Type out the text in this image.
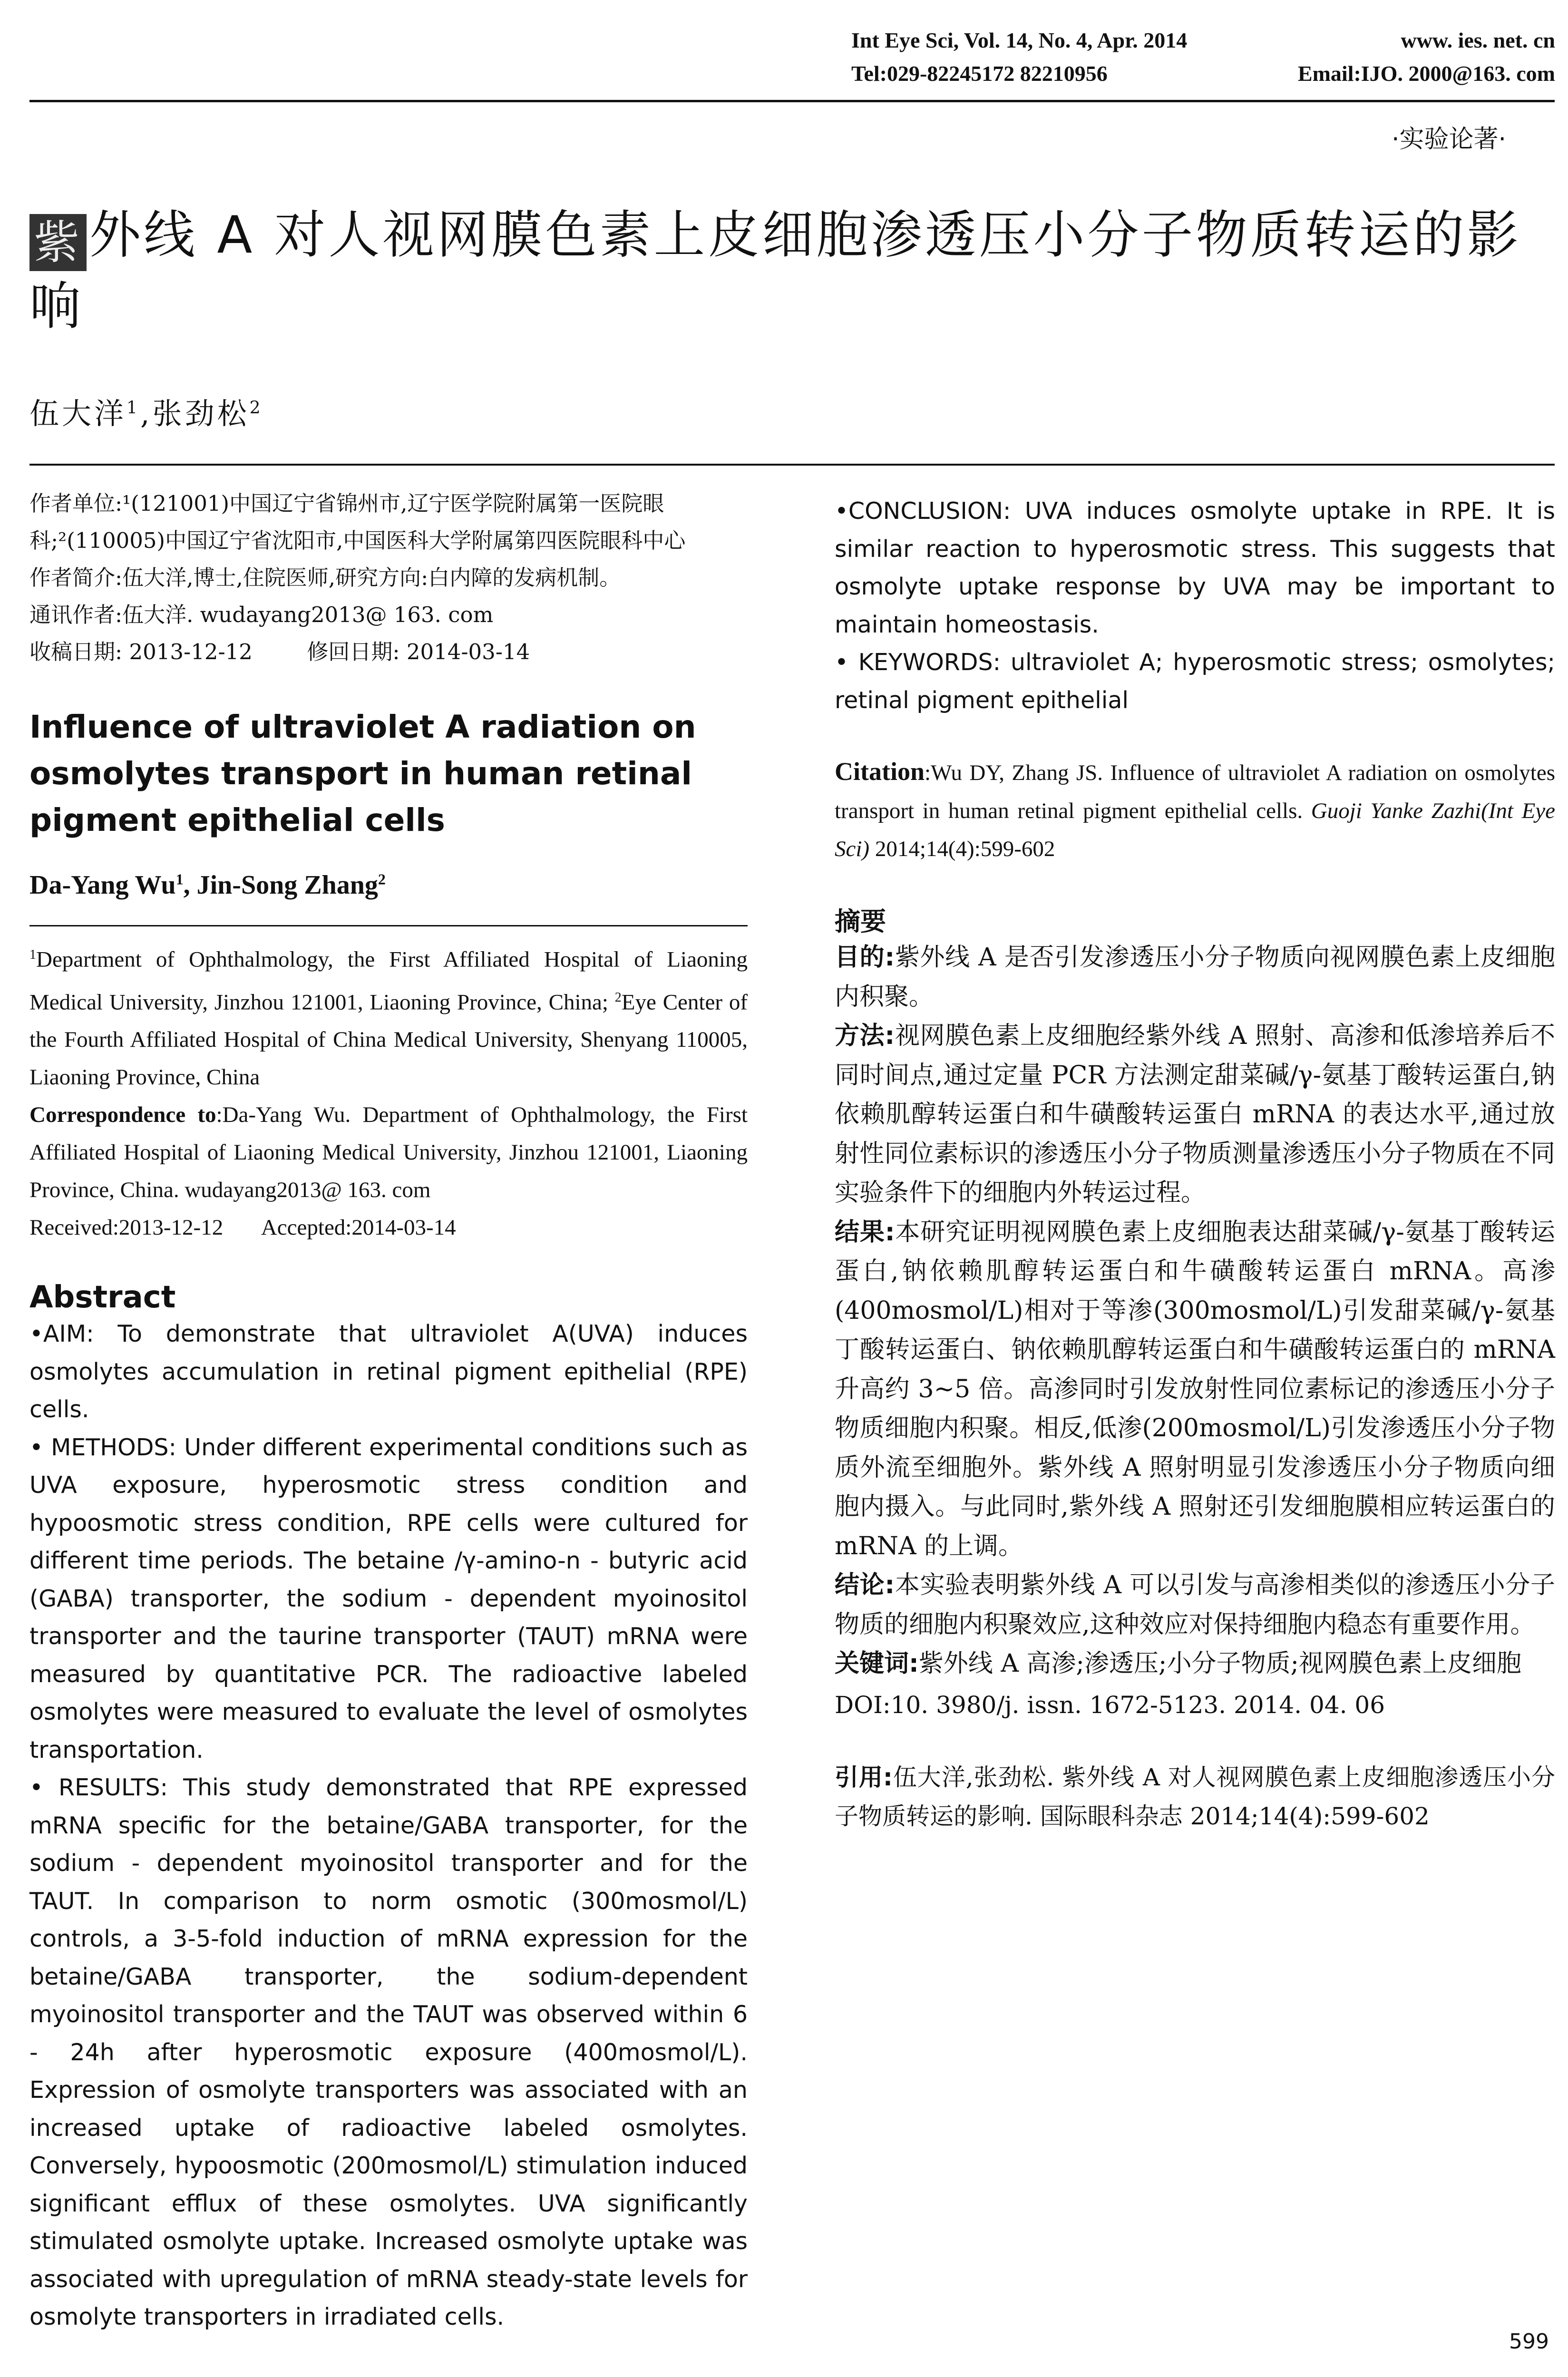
Int Eye Sci, Vol. 14, No. 4, Apr. 2014	www. ies. net. cn
Tel:029-82245172 82210956	Email:IJO. 2000@163. com
·实验论著·
紫 外线 A 对人视网膜色素上皮细胞渗透压小分子物质转运的影响
伍大洋$^1$,张劲松$^2$

作者单位:¹(121001)中国辽宁省锦州市,辽宁医学院附属第一医院眼科;²(110005)中国辽宁省沈阳市,中国医科大学附属第四医院眼科中心

作者简介:伍大洋,博士,住院医师,研究方向:白内障的发病机制。

通讯作者:伍大洋. wudayang2013@ 163. com

收稿日期: 2013-12-12        修回日期: 2014-03-14

Influence of ultraviolet A radiation on osmolytes transport in human retinal pigment epithelial cells
Da-Yang Wu$^1$, Jin-Song Zhang$^2$
$^1$Department of Ophthalmology, the First Affiliated Hospital of Liaoning Medical University, Jinzhou 121001, Liaoning Province, China; $^2$Eye Center of the Fourth Affiliated Hospital of China Medical University, Shenyang 110005, Liaoning Province, China
Correspondence to:Da-Yang Wu. Department of Ophthalmology, the First Affiliated Hospital of Liaoning Medical University, Jinzhou 121001, Liaoning Province, China. wudayang2013@ 163. com
Received:2013-12-12       Accepted:2014-03-14
Abstract

•AIM: To demonstrate that ultraviolet A(UVA) induces osmolytes accumulation in retinal pigment epithelial (RPE) cells.

• METHODS: Under different experimental conditions such as UVA exposure, hyperosmotic stress condition and hypoosmotic stress condition, RPE cells were cultured for different time periods. The betaine /γ-amino-n - butyric acid (GABA) transporter, the sodium - dependent myoinositol transporter and the taurine transporter (TAUT) mRNA were measured by quantitative PCR. The radioactive labeled osmolytes were measured to evaluate the level of osmolytes transportation.

• RESULTS: This study demonstrated that RPE expressed mRNA specific for the betaine/GABA transporter, for the sodium - dependent myoinositol transporter and for the TAUT. In comparison to norm osmotic (300mosmol/L) controls, a 3-5-fold induction of mRNA expression for the betaine/GABA transporter, the sodium-dependent myoinositol transporter and the TAUT was observed within 6 - 24h after hyperosmotic exposure (400mosmol/L). Expression of osmolyte transporters was associated with an increased uptake of radioactive labeled osmolytes. Conversely, hypoosmotic (200mosmol/L) stimulation induced significant efflux of these osmolytes. UVA significantly stimulated osmolyte uptake. Increased osmolyte uptake was associated with upregulation of mRNA steady-state levels for osmolyte transporters in irradiated cells.

•CONCLUSION: UVA induces osmolyte uptake in RPE. It is similar reaction to hyperosmotic stress. This suggests that osmolyte uptake response by UVA may be important to maintain homeostasis.

• KEYWORDS: ultraviolet A; hyperosmotic stress; osmolytes; retinal pigment epithelial

Citation:Wu DY, Zhang JS. Influence of ultraviolet A radiation on osmolytes transport in human retinal pigment epithelial cells. Guoji Yanke Zazhi(Int Eye Sci) 2014;14(4):599-602
摘要

目的:紫外线 A 是否引发渗透压小分子物质向视网膜色素上皮细胞内积聚。

方法:视网膜色素上皮细胞经紫外线 A 照射、高渗和低渗培养后不同时间点,通过定量 PCR 方法测定甜菜碱/γ-氨基丁酸转运蛋白,钠依赖肌醇转运蛋白和牛磺酸转运蛋白 mRNA 的表达水平,通过放射性同位素标识的渗透压小分子物质测量渗透压小分子物质在不同实验条件下的细胞内外转运过程。

结果:本研究证明视网膜色素上皮细胞表达甜菜碱/γ-氨基丁酸转运蛋白,钠依赖肌醇转运蛋白和牛磺酸转运蛋白 mRNA。高渗(400mosmol/L)相对于等渗(300mosmol/L)引发甜菜碱/γ-氨基丁酸转运蛋白、钠依赖肌醇转运蛋白和牛磺酸转运蛋白的 mRNA 升高约 3~5 倍。高渗同时引发放射性同位素标记的渗透压小分子物质细胞内积聚。相反,低渗(200mosmol/L)引发渗透压小分子物质外流至细胞外。紫外线 A 照射明显引发渗透压小分子物质向细胞内摄入。与此同时,紫外线 A 照射还引发细胞膜相应转运蛋白的 mRNA 的上调。

结论:本实验表明紫外线 A 可以引发与高渗相类似的渗透压小分子物质的细胞内积聚效应,这种效应对保持细胞内稳态有重要作用。

关键词:紫外线 A 高渗;渗透压;小分子物质;视网膜色素上皮细胞

DOI:10. 3980/j. issn. 1672-5123. 2014. 04. 06
引用:伍大洋,张劲松. 紫外线 A 对人视网膜色素上皮细胞渗透压小分子物质转运的影响. 国际眼科杂志 2014;14(4):599-602
599
